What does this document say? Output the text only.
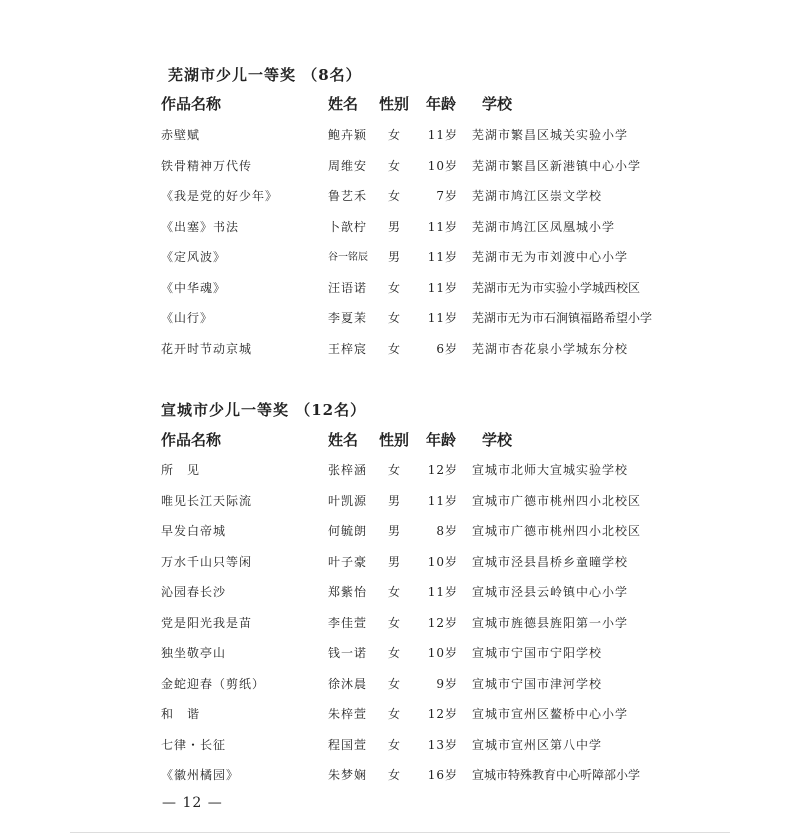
芜湖市少儿一等奖 （8名）
作品名称	姓名 性别 年龄 学校
赤壁赋	鲍卉颖 女	11岁 芜湖市繁昌区城关实验小学
铁骨精神万代传	周维安 女	10岁 芜湖市繁昌区新港镇中心小学
《我是党的好少年》	鲁艺禾 女	7岁 芜湖市鸠江区崇文学校
《出塞》书法	卜歆柠 男	11岁 芜湖市鸠江区凤凰城小学
《定风波》	谷一铭辰 男	11岁 芜湖市无为市刘渡中心小学
《中华魂》	汪语诺 女	11岁 芜湖市无为市实验小学城西校区
《山行》	李夏茉 女	11岁 芜湖市无为市石涧镇福路希望小学
花开时节动京城	王梓宸 女	6岁 芜湖市杏花泉小学城东分校
宣城市少儿一等奖 （12名）
作品名称	姓名 性别 年龄 学校
所　见	张梓涵 女	12岁 宣城市北师大宣城实验学校
唯见长江天际流	叶凯源 男	11岁 宣城市广德市桃州四小北校区
早发白帝城	何毓朗 男	8岁 宣城市广德市桃州四小北校区
万水千山只等闲	叶子豪 男	10岁 宣城市泾县昌桥乡童曈学校
沁园春长沙	郑紫怡 女	11岁 宣城市泾县云岭镇中心小学
党是阳光我是苗	李佳萱 女	12岁 宣城市旌德县旌阳第一小学
独坐敬亭山	钱一诺 女	10岁 宣城市宁国市宁阳学校
金蛇迎春（剪纸）	徐沐晨 女	9岁 宣城市宁国市津河学校
和　谐	朱梓萱 女	12岁 宣城市宣州区鳌桥中心小学
七律・长征	程国萱 女	13岁 宣城市宣州区第八中学
《徽州橘园》	朱梦娴 女	16岁 宣城市特殊教育中心听障部小学
— 12 —
